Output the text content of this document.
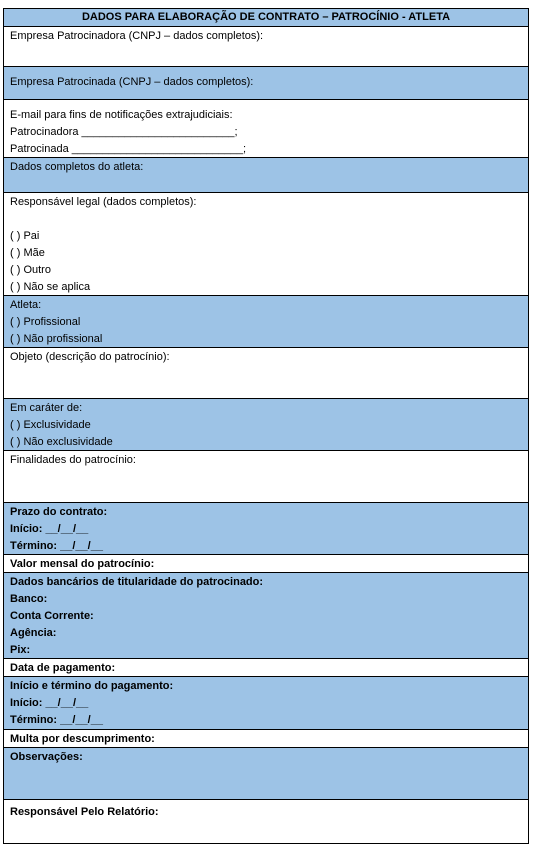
DADOS PARA ELABORAÇÃO DE CONTRATO – PATROCÍNIO - ATLETA
Empresa Patrocinadora (CNPJ – dados completos):
Empresa Patrocinada (CNPJ – dados completos):
E-mail para fins de notificações extrajudiciais:
Patrocinadora _________________________;
Patrocinada ____________________________;
Dados completos do atleta:
Responsável legal (dados completos):
( ) Pai
( ) Mãe
( ) Outro
( ) Não se aplica
Atleta:
( ) Profissional
( ) Não profissional
Objeto (descrição do patrocínio):
Em caráter de:
( ) Exclusividade
( ) Não exclusividade
Finalidades do patrocínio:
Prazo do contrato:
Início: __/__/__
Término: __/__/__
Valor mensal do patrocínio:
Dados bancários de titularidade do patrocinado:
Banco:
Conta Corrente:
Agência:
Pix:
Data de pagamento:
Início e término do pagamento:
Início: __/__/__
Término: __/__/__
Multa por descumprimento:
Observações:
Responsável Pelo Relatório:
